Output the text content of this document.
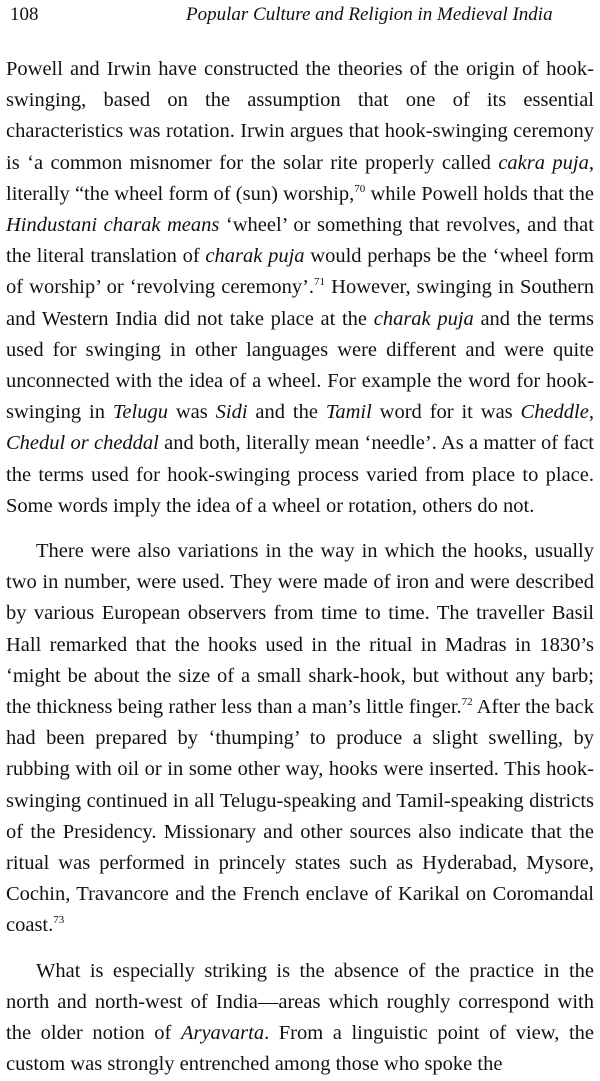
108	Popular Culture and Religion in Medieval India

Powell and Irwin have constructed the theories of the origin of hook-swinging, based on the assumption that one of its essential characteristics was rotation. Irwin argues that hook-swinging ceremony is ‘a common misnomer for the solar rite properly called cakra puja, literally “the wheel form of (sun) worship,$^{70}$ while Powell holds that the Hindustani charak means ‘wheel’ or something that revolves, and that the literal translation of charak puja would perhaps be the ‘wheel form of worship’ or ‘revolving ceremony’.$^{71}$ However, swinging in Southern and Western India did not take place at the charak puja and the terms used for swinging in other languages were different and were quite unconnected with the idea of a wheel. For example the word for hook-swinging in Telugu was Sidi and the Tamil word for it was Cheddle, Chedul or cheddal and both, literally mean ‘needle’. As a matter of fact the terms used for hook-swinging process varied from place to place. Some words imply the idea of a wheel or rotation, others do not.

There were also variations in the way in which the hooks, usually two in number, were used. They were made of iron and were described by various European observers from time to time. The traveller Basil Hall remarked that the hooks used in the ritual in Madras in 1830’s ‘might be about the size of a small shark-hook, but without any barb; the thickness being rather less than a man’s little finger.$^{72}$ After the back had been prepared by ‘thumping’ to produce a slight swelling, by rubbing with oil or in some other way, hooks were inserted. This hook-swinging continued in all Telugu-speaking and Tamil-speaking districts of the Presidency. Missionary and other sources also indicate that the ritual was performed in princely states such as Hyderabad, Mysore, Cochin, Travancore and the French enclave of Karikal on Coromandal coast.$^{73}$

What is especially striking is the absence of the practice in the north and north-west of India—areas which roughly correspond with the older notion of Aryavarta. From a linguistic point of view, the custom was strongly entrenched among those who spoke the
